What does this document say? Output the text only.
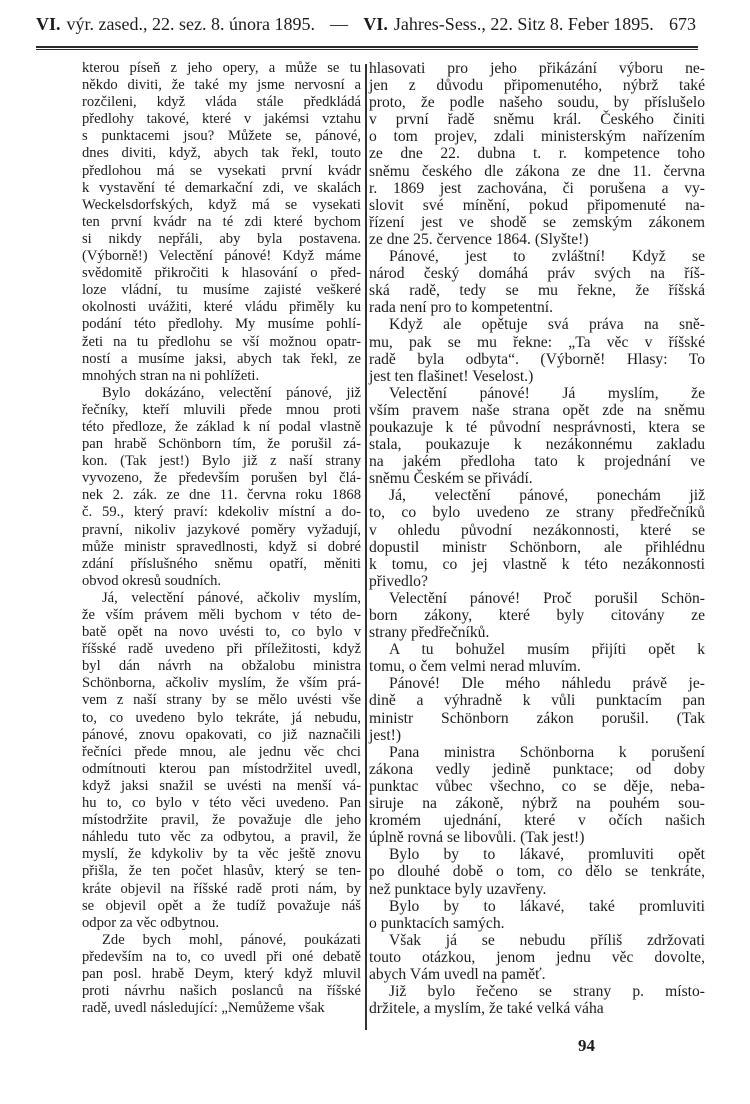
VI. výr. zased., 22. sez. 8. února 1895. — VI. Jahres-Sess., 22. Sitz 8. Feber 1895. 673
kterou píseň z jeho opery, a může se tu
někdo diviti, že také my jsme nervosní a
rozčileni, když vláda stále předkládá
předlohy takové, které v jakémsi vztahu
s punktacemi jsou? Můžete se, pánové,
dnes diviti, když, abych tak řekl, touto
předlohou má se vysekati první kvádr
k vystavění té demarkační zdi, ve skalách
Weckelsdorfských, když má se vysekati
ten první kvádr na té zdi které bychom
si nikdy nepřáli, aby byla postavena.
(Výborně!) Velectění pánové! Když máme
svědomitě přikročiti k hlasování o před-
loze vládní, tu musíme zajisté veškeré
okolnosti uvážiti, které vládu přiměly ku
podání této předlohy. My musíme pohlí-
žeti na tu předlohu se vší možnou opatr-
ností a musíme jaksi, abych tak řekl, ze
mnohých stran na ni pohlížeti.
Bylo dokázáno, velectění pánové, již
řečníky, kteří mluvili přede mnou proti
této předloze, že základ k ní podal vlastně
pan hrabě Schönborn tím, že porušil zá-
kon. (Tak jest!) Bylo již z naší strany
vyvozeno, že především porušen byl člá-
nek 2. zák. ze dne 11. června roku 1868
č. 59., který praví: kdekoliv místní a do-
pravní, nikoliv jazykové poměry vyžadují,
může ministr spravedlnosti, když si dobré
zdání příslušného sněmu opatří, měniti
obvod okresů soudních.
Já, velectění pánové, ačkoliv myslím,
že vším právem měli bychom v této de-
batě opět na novo uvésti to, co bylo v
říšské radě uvedeno při příležitosti, když
byl dán návrh na obžalobu ministra
Schönborna, ačkoliv myslím, že vším prá-
vem z naší strany by se mělo uvésti vše
to, co uvedeno bylo tekráte, já nebudu,
pánové, znovu opakovati, co již naznačili
řečníci přede mnou, ale jednu věc chci
odmítnouti kterou pan místodržitel uvedl,
když jaksi snažil se uvésti na menší vá-
hu to, co bylo v této věci uvedeno. Pan
místodržite pravil, že považuje dle jeho
náhledu tuto věc za odbytou, a pravil, že
myslí, že kdykoliv by ta věc ještě znovu
přišla, že ten počet hlasův, který se ten-
kráte objevil na říšské radě proti nám, by
se objevil opět a že tudíž považuje náš
odpor za věc odbytnou.
Zde bych mohl, pánové, poukázati
především na to, co uvedl při oné debatě
pan posl. hrabě Deym, který když mluvil
proti návrhu našich poslanců na říšské
radě, uvedl následující: „Nemůžeme však
hlasovati pro jeho přikázání výboru ne-
jen z důvodu připomenutého, nýbrž také
proto, že podle našeho soudu, by příslušelo
v první řadě sněmu král. Českého činiti
o tom projev, zdali ministerským nařízením
ze dne 22. dubna t. r. kompetence toho
sněmu českého dle zákona ze dne 11. června
r. 1869 jest zachována, či porušena a vy-
slovit své mínění, pokud připomenuté na-
řízení jest ve shodě se zemským zákonem
ze dne 25. července 1864. (Slyšte!)
Pánové, jest to zvláštní! Když se
národ český domáhá práv svých na říš-
ská radě, tedy se mu řekne, že říšská
rada není pro to kompetentní.
Když ale opětuje svá práva na sně-
mu, pak se mu řekne: „Ta věc v říšské
radě byla odbyta“. (Výborně! Hlasy: To
jest ten flašinet! Veselost.)
Velectění pánové! Já myslím, že
vším pravem naše strana opět zde na sněmu
poukazuje k té původní nesprávnosti, ktera se
stala, poukazuje k nezákonnému zakladu
na jakém předloha tato k projednání ve
sněmu Českém se přivádí.
Já, velectění pánové, ponechám již
to, co bylo uvedeno ze strany předřečníků
v ohledu původní nezákonnosti, které se
dopustil ministr Schönborn, ale přihlédnu
k tomu, co jej vlastně k této nezákonnosti
přivedlo?
Velectění pánové! Proč porušil Schön-
born zákony, které byly citovány ze
strany předřečníků.
A tu bohužel musím přijíti opět k
tomu, o čem velmi nerad mluvím.
Pánové! Dle mého náhledu právě je-
dině a výhradně k vůli punktacím pan
ministr Schönborn zákon porušil. (Tak
jest!)
Pana ministra Schönborna k porušení
zákona vedly jedině punktace; od doby
punktac vůbec všechno, co se děje, neba-
siruje na zákoně, nýbrž na pouhém sou-
kromém ujednání, které v očích našich
úplně rovná se libovůli. (Tak jest!)
Bylo by to lákavé, promluviti opět
po dlouhé době o tom, co dělo se tenkráte,
než punktace byly uzavřeny.
Bylo by to lákavé, také promluviti
o punktacích samých.
Však já se nebudu příliš zdržovati
touto otázkou, jenom jednu věc dovolte,
abych Vám uvedl na paměť.
Již bylo řečeno se strany p. místo-
držitele, a myslím, že také velká váha
94
